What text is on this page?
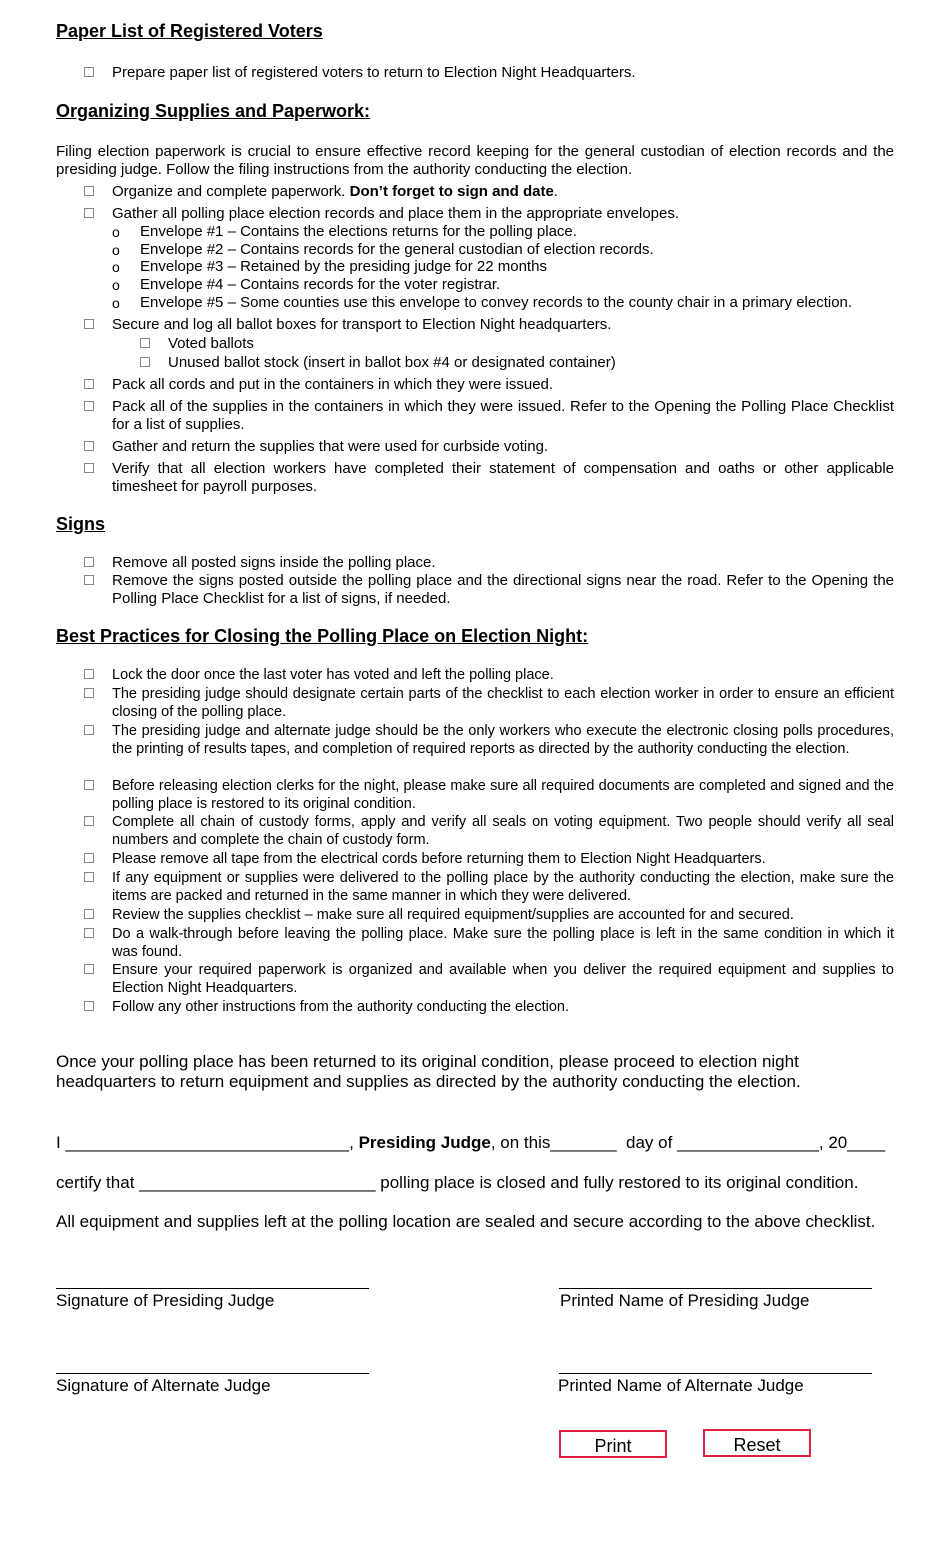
Paper List of Registered Voters
Prepare paper list of registered voters to return to Election Night Headquarters.
Organizing Supplies and Paperwork:
Filing election paperwork is crucial to ensure effective record keeping for the general custodian of election records and the presiding judge. Follow the filing instructions from the authority conducting the election.
Organize and complete paperwork. Don’t forget to sign and date.
Gather all polling place election records and place them in the appropriate envelopes.
o Envelope #1 – Contains the elections returns for the polling place.
o Envelope #2 – Contains records for the general custodian of election records.
o Envelope #3 – Retained by the presiding judge for 22 months
o Envelope #4 – Contains records for the voter registrar.
o Envelope #5 – Some counties use this envelope to convey records to the county chair in a primary election.
Secure and log all ballot boxes for transport to Election Night headquarters.
Voted ballots
Unused ballot stock (insert in ballot box #4 or designated container)
Pack all cords and put in the containers in which they were issued.
Pack all of the supplies in the containers in which they were issued. Refer to the Opening the Polling Place Checklist for a list of supplies.
Gather and return the supplies that were used for curbside voting.
Verify that all election workers have completed their statement of compensation and oaths or other applicable timesheet for payroll purposes.
Signs
Remove all posted signs inside the polling place.
Remove the signs posted outside the polling place and the directional signs near the road. Refer to the Opening the Polling Place Checklist for a list of signs, if needed.
Best Practices for Closing the Polling Place on Election Night:
Lock the door once the last voter has voted and left the polling place.
The presiding judge should designate certain parts of the checklist to each election worker in order to ensure an efficient closing of the polling place.
The presiding judge and alternate judge should be the only workers who execute the electronic closing polls procedures, the printing of results tapes, and completion of required reports as directed by the authority conducting the election.
Before releasing election clerks for the night, please make sure all required documents are completed and signed and the polling place is restored to its original condition.
Complete all chain of custody forms, apply and verify all seals on voting equipment. Two people should verify all seal numbers and complete the chain of custody form.
Please remove all tape from the electrical cords before returning them to Election Night Headquarters.
If any equipment or supplies were delivered to the polling place by the authority conducting the election, make sure the items are packed and returned in the same manner in which they were delivered.
Review the supplies checklist – make sure all required equipment/supplies are accounted for and secured.
Do a walk-through before leaving the polling place. Make sure the polling place is left in the same condition in which it was found.
Ensure your required paperwork is organized and available when you deliver the required equipment and supplies to Election Night Headquarters.
Follow any other instructions from the authority conducting the election.
Once your polling place has been returned to its original condition, please proceed to election night headquarters to return equipment and supplies as directed by the authority conducting the election.
I ______________________________, Presiding Judge, on this_______ day of _______________, 20____
certify that _________________________ polling place is closed and fully restored to its original condition.
All equipment and supplies left at the polling location are sealed and secure according to the above checklist.
Signature of Presiding Judge	Printed Name of Presiding Judge
Signature of Alternate Judge	Printed Name of Alternate Judge
Print	Reset
